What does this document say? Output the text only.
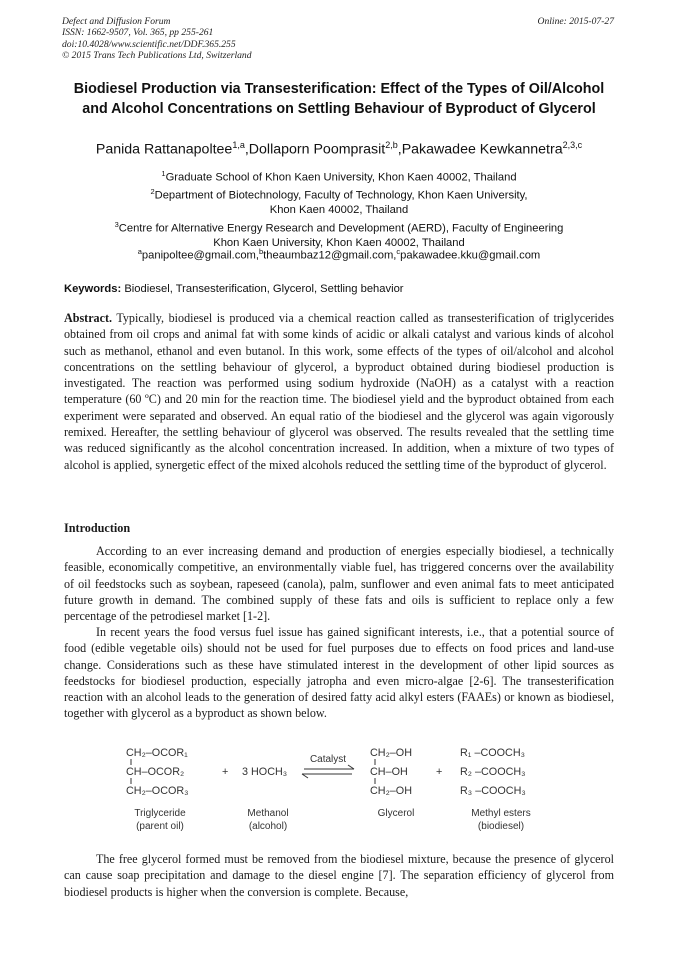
Defect and Diffusion Forum
ISSN: 1662-9507, Vol. 365, pp 255-261
doi:10.4028/www.scientific.net/DDF.365.255
© 2015 Trans Tech Publications Ltd, Switzerland
Online: 2015-07-27
Biodiesel Production via Transesterification: Effect of the Types of Oil/Alcohol and Alcohol Concentrations on Settling Behaviour of Byproduct of Glycerol
Panida Rattanapoltee$^{1,a}$,Dollaporn Poomprasit$^{2,b}$,Pakawadee Kewkannetra$^{2,3,c}$
$^1$Graduate School of Khon Kaen University, Khon Kaen 40002, Thailand
$^2$Department of Biotechnology, Faculty of Technology, Khon Kaen University,
Khon Kaen 40002, Thailand
$^3$Centre for Alternative Energy Research and Development (AERD), Faculty of Engineering
Khon Kaen University, Khon Kaen 40002, Thailand
$^a$panipoltee@gmail.com,$^b$theaumbaz12@gmail.com,$^c$pakawadee.kku@gmail.com
Keywords: Biodiesel, Transesterification, Glycerol, Settling behavior
Abstract. Typically, biodiesel is produced via a chemical reaction called as transesterification of triglycerides obtained from oil crops and animal fat with some kinds of acidic or alkali catalyst and various kinds of alcohol such as methanol, ethanol and even butanol. In this work, some effects of the types of oil/alcohol and alcohol concentrations on the settling behaviour of glycerol, a byproduct obtained during biodiesel production is investigated. The reaction was performed using sodium hydroxide (NaOH) as a catalyst with a reaction temperature (60 ºC) and 20 min for the reaction time. The biodiesel yield and the byproduct obtained from each experiment were separated and observed. An equal ratio of the biodiesel and the glycerol was again vigorously remixed. Hereafter, the settling behaviour of glycerol was observed. The results revealed that the settling time was reduced significantly as the alcohol concentration increased. In addition, when a mixture of two types of alcohol is applied, synergetic effect of the mixed alcohols reduced the settling time of the byproduct of glycerol.
Introduction
According to an ever increasing demand and production of energies especially biodiesel, a technically feasible, economically competitive, an environmentally viable fuel, has triggered concerns over the availability of oil feedstocks such as soybean, rapeseed (canola), palm, sunflower and even animal fats to meet anticipated future growth in demand. The combined supply of these fats and oils is sufficient to replace only a few percentage of the petrodiesel market [1-2].
In recent years the food versus fuel issue has gained significant interests, i.e., that a potential source of food (edible vegetable oils) should not be used for fuel purposes due to effects on food prices and land-use change. Considerations such as these have stimulated interest in the development of other lipid sources as feedstocks for biodiesel production, especially jatropha and even micro-algae [2-6]. The transesterification reaction with an alcohol leads to the generation of desired fatty acid alkyl esters (FAAEs) or known as biodiesel, together with glycerol as a byproduct as shown below.
CH₂–OCOR₁
CH–OCOR₂
CH₂–OCOR₃
Triglyceride
(parent oil)
+ 3 HOCH₃
Methanol
(alcohol)
Catalyst
CH₂–OH
CH–OH
CH₂–OH
Glycerol
+
R₁ –COOCH₃
R₂ –COOCH₃
R₃ –COOCH₃
Methyl esters
(biodiesel)
The free glycerol formed must be removed from the biodiesel mixture, because the presence of glycerol can cause soap precipitation and damage to the diesel engine [7]. The separation efficiency of glycerol from biodiesel products is higher when the conversion is complete. Because,
